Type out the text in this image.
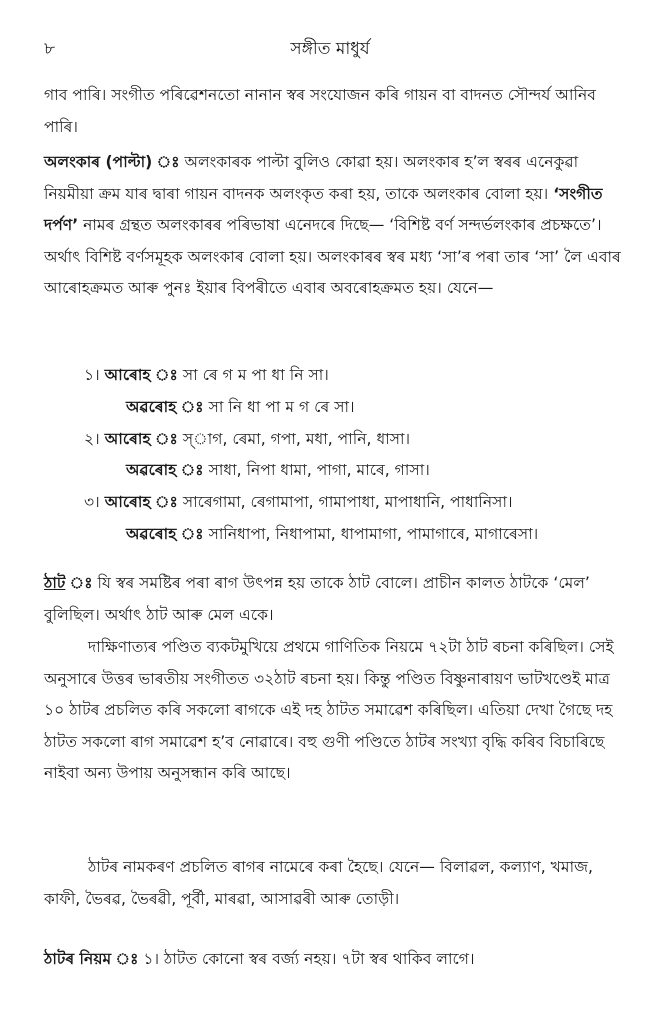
৮	সঙ্গীত মাধুৰ্য
গাব পাৰি। সংগীত পৰিৱেশনতো নানান স্বৰ সংযোজন কৰি গায়ন বা বাদনত সৌন্দৰ্য আনিব পাৰি।
অলংকাৰ (পাল্টা) ঃ অলংকাৰক পাল্টা বুলিও কোৱা হয়। অলংকাৰ হ’ল স্বৰৰ এনেকুৱা নিয়মীয়া ক্ৰম যাৰ দ্বাৰা গায়ন বাদনক অলংকৃত কৰা হয়, তাকে অলংকাৰ বোলা হয়। ‘সংগীত দৰ্পণ’ নামৰ গ্ৰন্থত অলংকাৰৰ পৰিভাষা এনেদৰে দিছে— ‘বিশিষ্ট বৰ্ণ সন্দৰ্ভলংকাৰ প্ৰচক্ষতে’। অৰ্থাৎ বিশিষ্ট বৰ্ণসমূহক অলংকাৰ বোলা হয়। অলংকাৰৰ স্বৰ মধ্য ‘সা’ৰ পৰা তাৰ ‘সা’ লৈ এবাৰ আৰোহক্ৰমত আৰু পুনঃ ইয়াৰ বিপৰীতে এবাৰ অবৰোহক্ৰমত হয়। যেনে—
১। আৰোহ ঃ সা ৰে গ ম পা ধা নি সা।
অৱৰোহ ঃ সা নি ধা পা ম গ ৰে সা।
২। আৰোহ ঃ স্াগ, ৰেমা, গপা, মধা, পানি, ধাসা।
অৱৰোহ ঃ সাধা, নিপা ধামা, পাগা, মাৰে, গাসা।
৩। আৰোহ ঃ সাৰেগামা, ৰেগামাপা, গামাপাধা, মাপাধানি, পাধানিসা।
অৱৰোহ ঃ সানিধাপা, নিধাপামা, ধাপামাগা, পামাগাৰে, মাগাৰেসা।
ঠাট ঃ যি স্বৰ সমষ্টিৰ পৰা ৰাগ উৎপন্ন হয় তাকে ঠাট বোলে। প্ৰাচীন কালত ঠাটকে ‘মেল’ বুলিছিল। অৰ্থাৎ ঠাট আৰু মেল একে।
দাক্ষিণাত্যৰ পণ্ডিত ব্যকটমুখিয়ে প্ৰথমে গাণিতিক নিয়মে ৭২টা ঠাট ৰচনা কৰিছিল। সেই অনুসাৰে উত্তৰ ভাৰতীয় সংগীতত ৩২ঠাট ৰচনা হয়। কিন্তু পণ্ডিত বিষ্ণুনাৰায়ণ ভাটখণ্ডেই মাত্ৰ ১০ ঠাটৰ প্ৰচলিত কৰি সকলো ৰাগকে এই দহ ঠাটত সমাৱেশ কৰিছিল। এতিয়া দেখা গৈছে দহ ঠাটত সকলো ৰাগ সমাৱেশ হ’ব নোৱাৰে। বহু গুণী পণ্ডিতে ঠাটৰ সংখ্যা বৃদ্ধি কৰিব বিচাৰিছে নাইবা অন্য উপায় অনুসন্ধান কৰি আছে।
ঠাটৰ নামকৰণ প্ৰচলিত ৰাগৰ নামেৰে কৰা হৈছে। যেনে— বিলাৱল, কল্যাণ, খমাজ, কাফী, ভৈৰৱ, ভৈৰৱী, পূৰ্বী, মাৰৱা, আসাৱৰী আৰু তোড়ী।
ঠাটৰ নিয়ম ঃ ১। ঠাটত কোনো স্বৰ বৰ্জ্য নহয়। ৭টা স্বৰ থাকিব লাগে।
